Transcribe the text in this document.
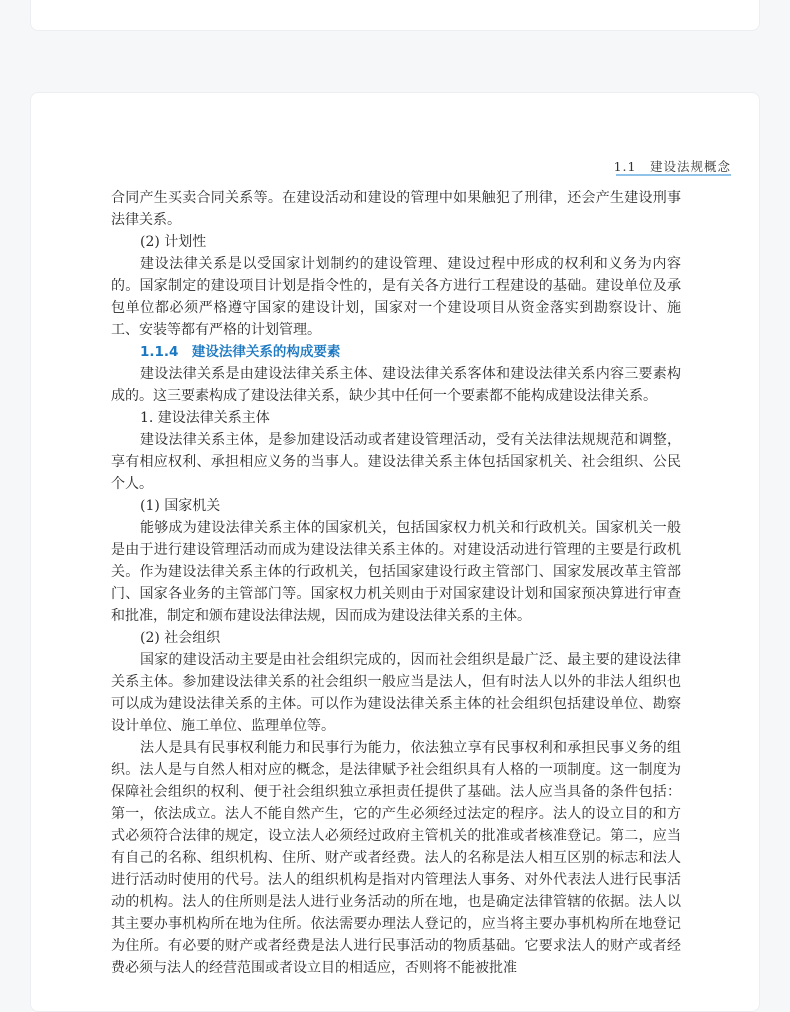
1.1　建设法规概念

合同产生买卖合同关系等。在建设活动和建设的管理中如果触犯了刑律，还会产生建设刑事法律关系。

(2) 计划性

建设法律关系是以受国家计划制约的建设管理、建设过程中形成的权利和义务为内容的。国家制定的建设项目计划是指令性的，是有关各方进行工程建设的基础。建设单位及承包单位都必须严格遵守国家的建设计划，国家对一个建设项目从资金落实到勘察设计、施工、安装等都有严格的计划管理。

1.1.4　建设法律关系的构成要素

建设法律关系是由建设法律关系主体、建设法律关系客体和建设法律关系内容三要素构成的。这三要素构成了建设法律关系，缺少其中任何一个要素都不能构成建设法律关系。

1. 建设法律关系主体

建设法律关系主体，是参加建设活动或者建设管理活动，受有关法律法规规范和调整，享有相应权利、承担相应义务的当事人。建设法律关系主体包括国家机关、社会组织、公民个人。

(1) 国家机关

能够成为建设法律关系主体的国家机关，包括国家权力机关和行政机关。国家机关一般是由于进行建设管理活动而成为建设法律关系主体的。对建设活动进行管理的主要是行政机关。作为建设法律关系主体的行政机关，包括国家建设行政主管部门、国家发展改革主管部门、国家各业务的主管部门等。国家权力机关则由于对国家建设计划和国家预决算进行审查和批准，制定和颁布建设法律法规，因而成为建设法律关系的主体。

(2) 社会组织

国家的建设活动主要是由社会组织完成的，因而社会组织是最广泛、最主要的建设法律关系主体。参加建设法律关系的社会组织一般应当是法人，但有时法人以外的非法人组织也可以成为建设法律关系的主体。可以作为建设法律关系主体的社会组织包括建设单位、勘察设计单位、施工单位、监理单位等。

法人是具有民事权利能力和民事行为能力，依法独立享有民事权利和承担民事义务的组织。法人是与自然人相对应的概念，是法律赋予社会组织具有人格的一项制度。这一制度为保障社会组织的权利、便于社会组织独立承担责任提供了基础。法人应当具备的条件包括：第一，依法成立。法人不能自然产生，它的产生必须经过法定的程序。法人的设立目的和方式必须符合法律的规定，设立法人必须经过政府主管机关的批准或者核准登记。第二，应当有自己的名称、组织机构、住所、财产或者经费。法人的名称是法人相互区别的标志和法人进行活动时使用的代号。法人的组织机构是指对内管理法人事务、对外代表法人进行民事活动的机构。法人的住所则是法人进行业务活动的所在地，也是确定法律管辖的依据。法人以其主要办事机构所在地为住所。依法需要办理法人登记的，应当将主要办事机构所在地登记为住所。有必要的财产或者经费是法人进行民事活动的物质基础。它要求法人的财产或者经费必须与法人的经营范围或者设立目的相适应，否则将不能被批准
